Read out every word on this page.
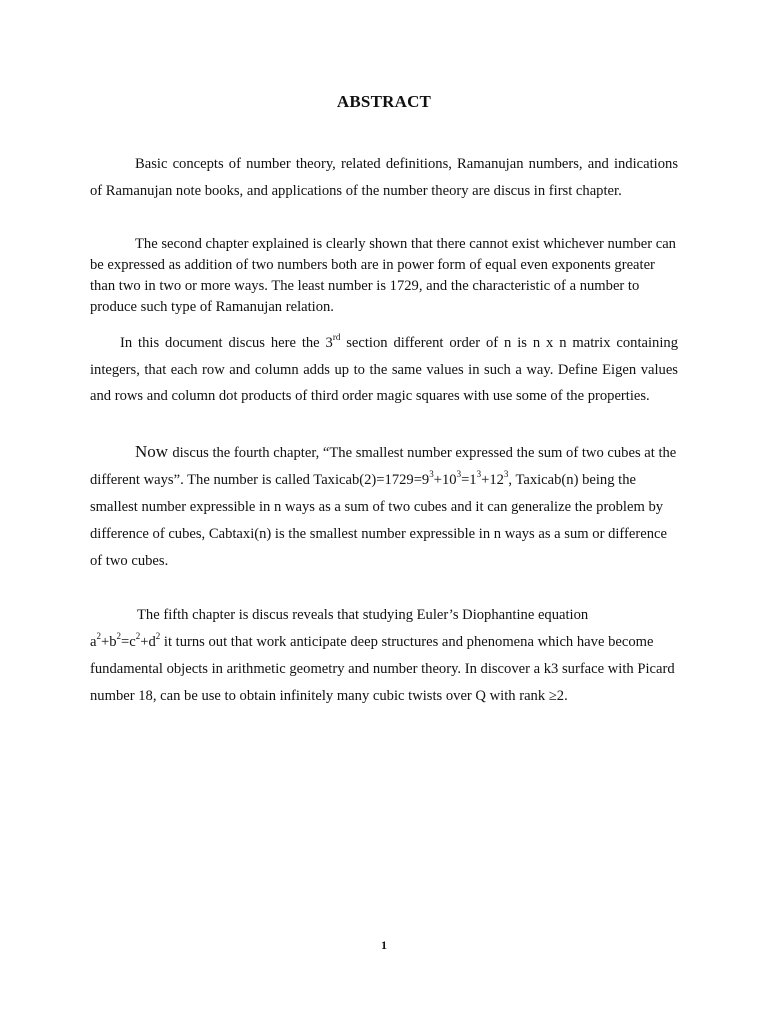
ABSTRACT
Basic concepts of number theory, related definitions, Ramanujan numbers, and indications of Ramanujan note books, and applications of the number theory are discus in first chapter.
The second chapter explained is clearly shown that there cannot exist whichever number can be expressed as addition of two numbers both are in power form of equal even exponents greater than two in two or more ways. The least number is 1729, and the characteristic of a number to produce such type of Ramanujan relation.
In this document discus here the 3rd section different order of n is n x n matrix containing integers, that each row and column adds up to the same values in such a way. Define Eigen values and rows and column dot products of third order magic squares with use some of the properties.
Now discus the fourth chapter, “The smallest number expressed the sum of two cubes at the different ways”. The number is called $Taxicab(2)=1729=9^3+10^3=1^3+12^3$, Taxicab(n) being the smallest number expressible in n ways as a sum of two cubes and it can generalize the problem by difference of cubes, Cabtaxi(n) is the smallest number expressible in n ways as a sum or difference of two cubes.
The fifth chapter is discus reveals that studying Euler’s Diophantine equation
$a^2+b^2=c^2+d^2$ it turns out that work anticipate deep structures and phenomena which have become fundamental objects in arithmetic geometry and number theory. In discover a k3 surface with Picard number 18, can be use to obtain infinitely many cubic twists over Q with rank ≥2.
1
